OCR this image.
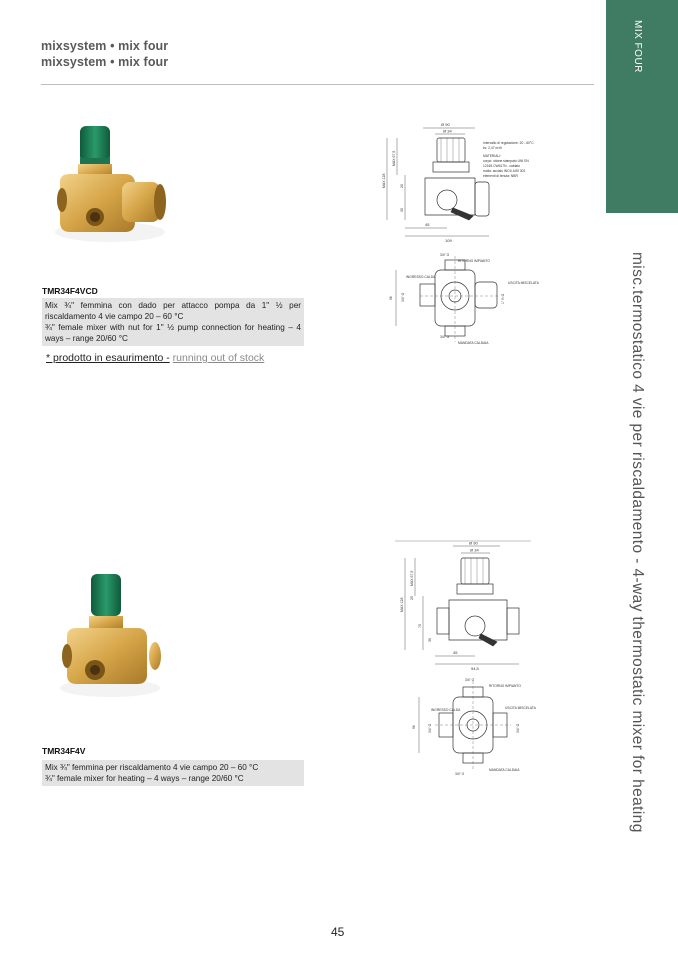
mixsystem • mix four
mixsystem • mix four	MIX FOUR
misc.termostatico 4 vie per riscaldamento - 4-way thermostatic mixer for heating
TMR34F4VCD

Mix ¾" femmina con dado per attacco pompa da 1" ½ per riscaldamento 4 vie campo 20 – 60 °C

¾" female mixer with nut for 1" ½ pump connection for heating – 4 ways – range 20/60 °C

* prodotto in esaurimento - running out of stock
Ø 90
Ø 34
MAX 128
MAX 67,5
20
30
45
109
Intervallo di regolazione: 20 - 60°C
kv: 2,47 m³/h
MATERIALI:
corpo: ottone stampato UNI EN
12165 CW617N - cablato
molla: acciaio INOX AISI 302
elementi di tenuta: NBR
3/4" G
RITORNO IMPIANTO
INGRESSO CALDA
USCITA MISCELATA
3/4" G
MANDATA CALDAIA
3/4" G	1" ½ G
96
TMR34F4V

Mix ¾" femmina per riscaldamento 4 vie campo 20 – 60 °C

¾" female mixer for heating – 4 ways – range 20/60 °C

Ø 90
Ø 34
MAX 128
MAX 67,5
25
70
30
45
94,5
3/4" G
RITORNO IMPIANTO
INGRESSO CALDA	USCITA MISCELATA
3/4" G
MANDATA CALDAIA
3/4" G	3/4" G
96
45
